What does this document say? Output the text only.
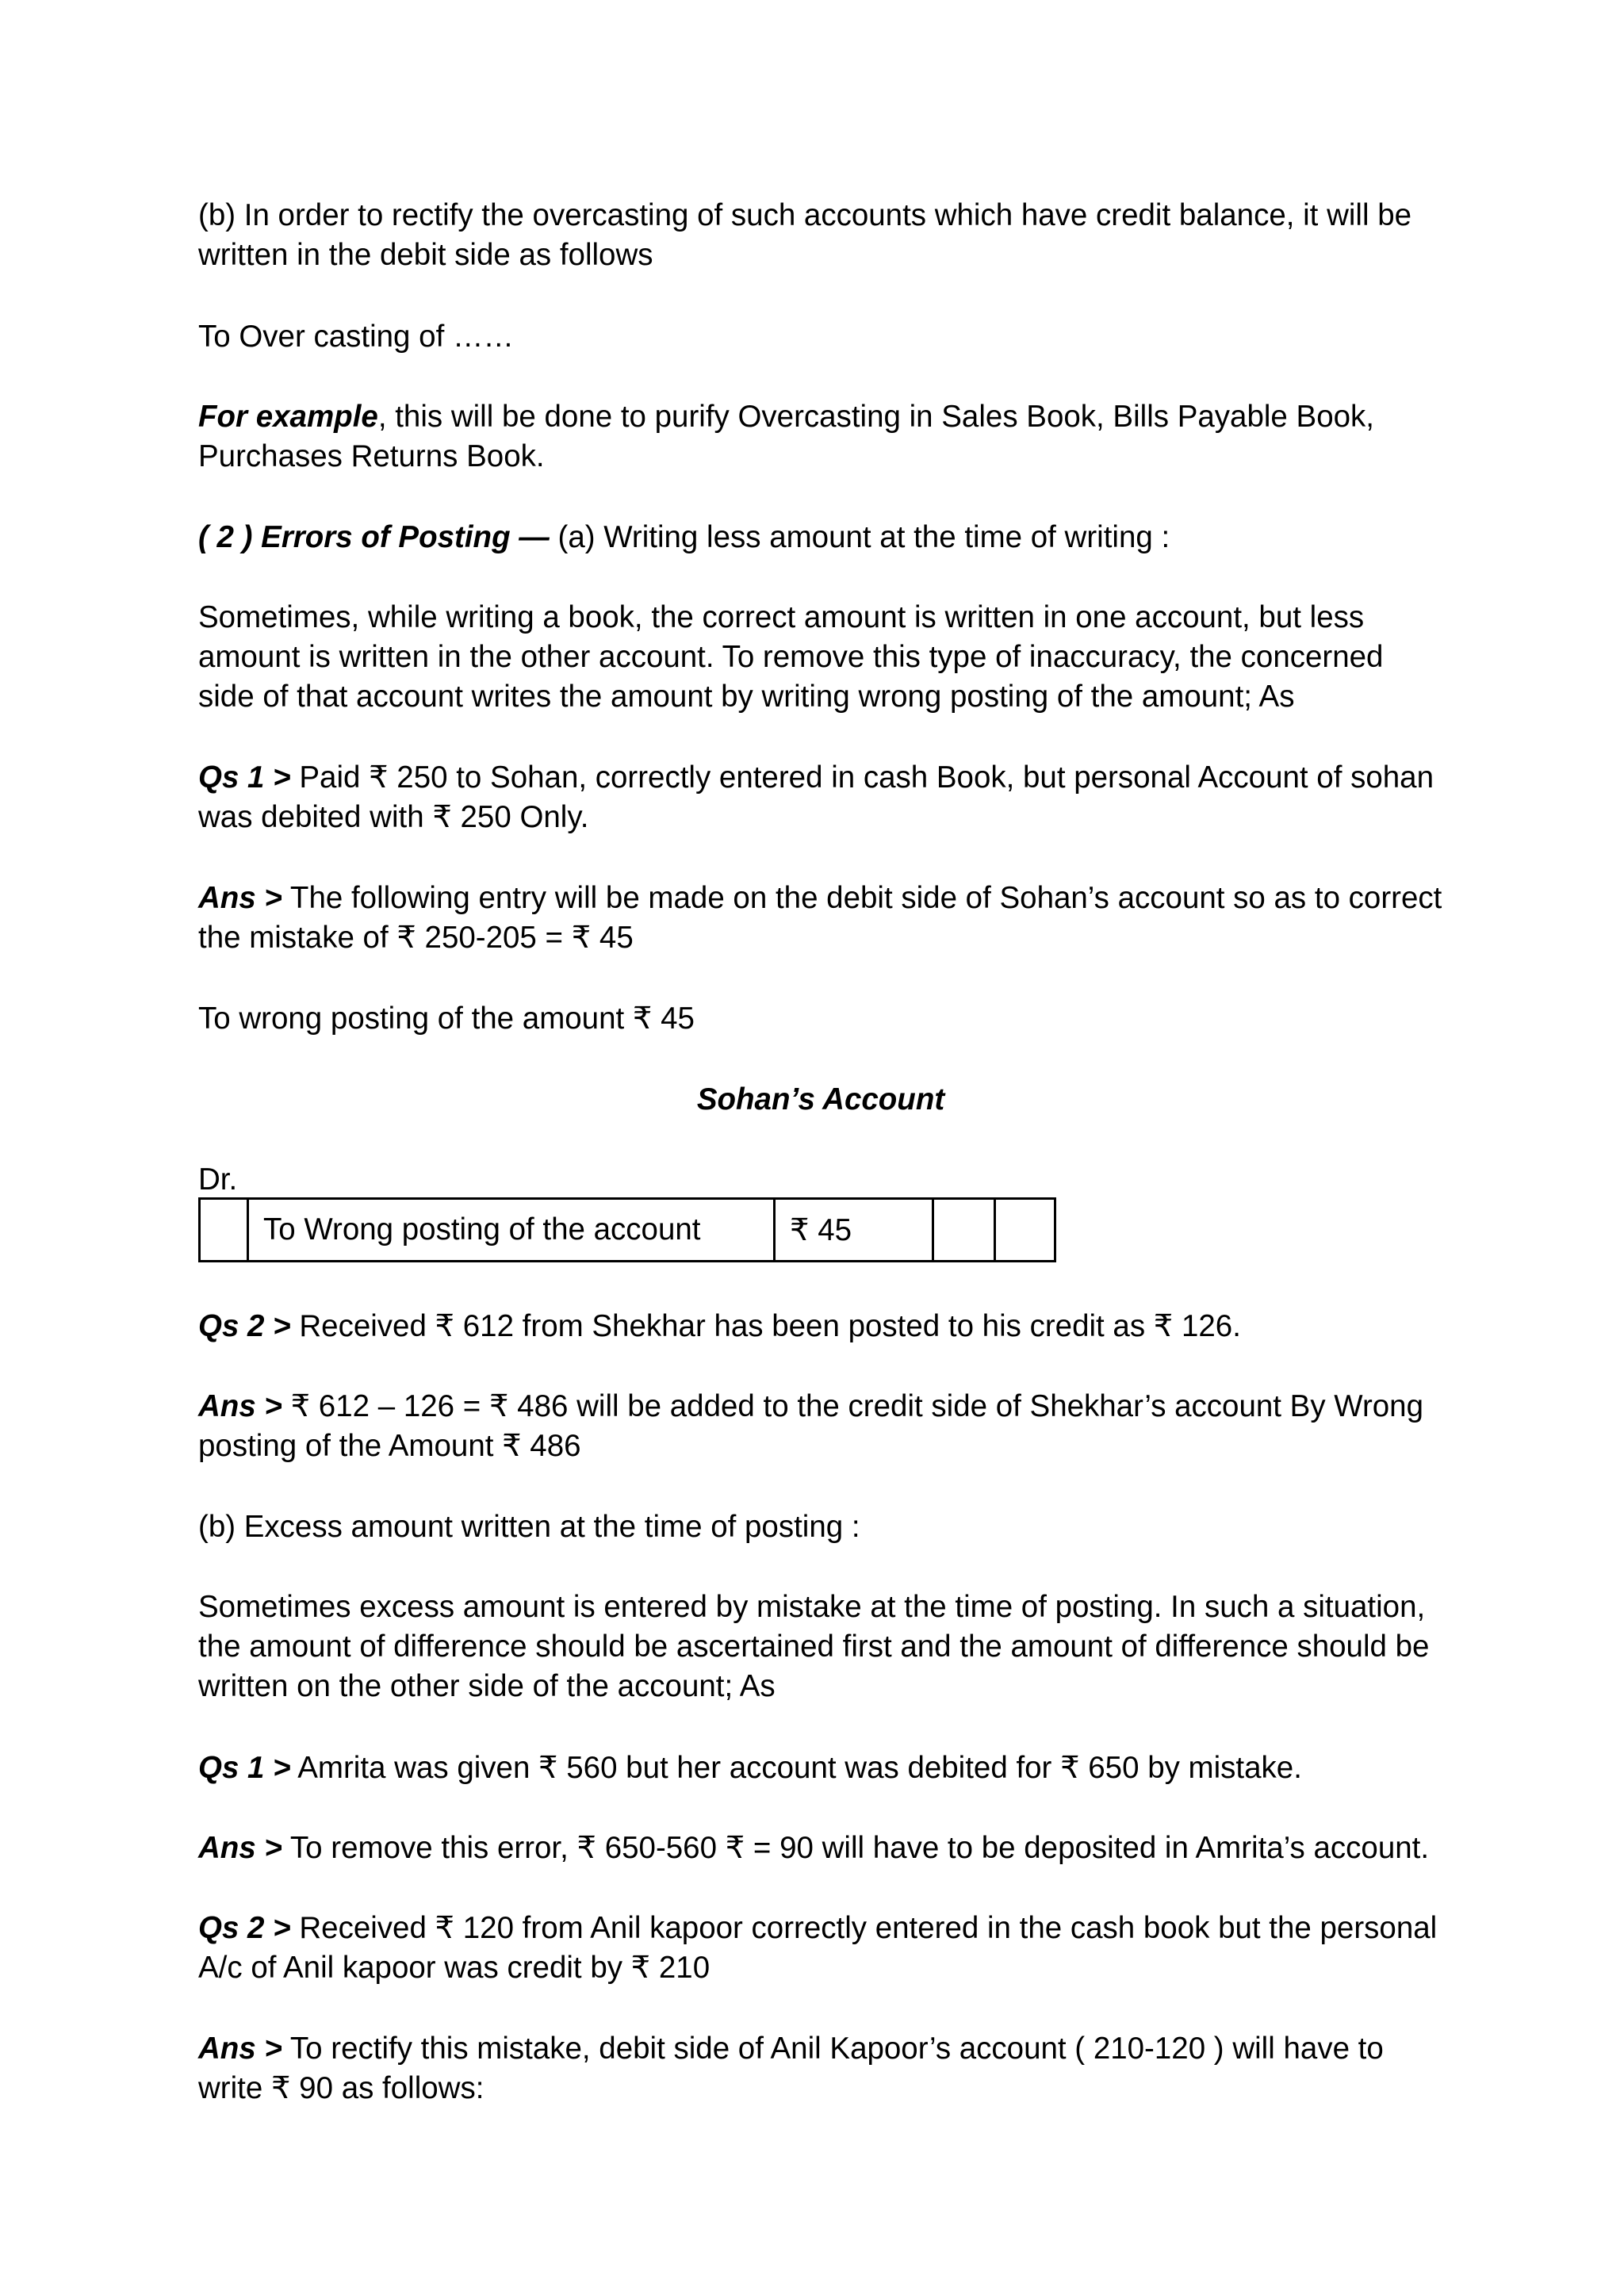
(b) In order to rectify the overcasting of such accounts which have credit balance, it will be written in the debit side as follows

To Over casting of ……

For example, this will be done to purify Overcasting in Sales Book, Bills Payable Book, Purchases Returns Book.

( 2 ) Errors of Posting — (a) Writing less amount at the time of writing :

Sometimes, while writing a book, the correct amount is written in one account, but less amount is written in the other account. To remove this type of inaccuracy, the concerned side of that account writes the amount by writing wrong posting of the amount; As

Qs 1 > Paid ₹ 250 to Sohan, correctly entered in cash Book, but personal Account of sohan was debited with ₹ 250 Only.

Ans > The following entry will be made on the debit side of Sohan’s account so as to correct the mistake of ₹ 250-205 = ₹ 45

To wrong posting of the amount ₹ 45

Sohan’s Account

Dr.

	To Wrong posting of the account	₹ 45		

Qs 2 > Received ₹ 612 from Shekhar has been posted to his credit as ₹ 126.

Ans > ₹ 612 – 126 = ₹ 486 will be added to the credit side of Shekhar’s account By Wrong posting of the Amount ₹ 486

(b) Excess amount written at the time of posting :

Sometimes excess amount is entered by mistake at the time of posting. In such a situation, the amount of difference should be ascertained first and the amount of difference should be written on the other side of the account; As

Qs 1 > Amrita was given ₹ 560 but her account was debited for ₹ 650 by mistake.

Ans > To remove this error, ₹ 650-560 ₹ = 90 will have to be deposited in Amrita’s account.

Qs 2 > Received ₹ 120 from Anil kapoor correctly entered in the cash book but the personal A/c of Anil kapoor was credit by ₹ 210

Ans > To rectify this mistake, debit side of Anil Kapoor’s account ( 210-120 ) will have to write ₹ 90 as follows:
